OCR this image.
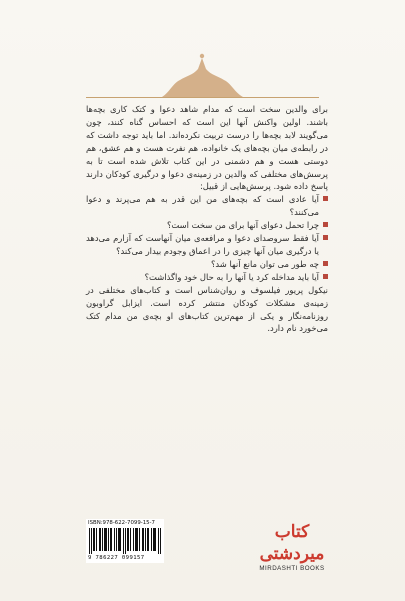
برای والدین سخت است که مدام شاهد دعوا و کتک کاری بچه‌ها باشند. اولین واکنش آنها این است که احساس گناه کنند، چون می‌گویند لابد بچه‌ها را درست تربیت نکرده‌اند. اما باید توجه داشت که در رابطه‌ی میان بچه‌های یک خانواده، هم نفرت هست و هم عشق، هم دوستی هست و هم دشمنی در این کتاب تلاش شده است تا به پرسش‌های مختلفی که والدین در زمینه‌ی دعوا و درگیری کودکان دارند پاسخ داده شود. پرسش‌هایی از قبیل:

آیا عادی است که بچه‌های من این قدر به هم می‌پرند و دعوا می‌کنند؟
چرا تحمل دعوای آنها برای من سخت است؟
آیا فقط سروصدای دعوا و مرافعه‌ی میان آنهاست که آزارم می‌دهد یا درگیری میان آنها چیزی را در اعماق وجودم بیدار می‌کند؟
چه طور می توان مانع آنها شد؟
آیا باید مداخله کرد یا آنها را به حال خود واگذاشت؟

نیکول پریور فیلسوف و روان‌شناس است و کتاب‌های مختلفی در زمینه‌ی مشکلات کودکان منتشر کرده است. ایزابل گراوبون روزنامه‌نگار و یکی از مهم‌ترین کتاب‌های او بچه‌ی من مدام کتک می‌خورد نام دارد.

ISBN:978-622-7099-15-7
9 786227 099157
کتاب میردشتی
MIRDASHTI BOOKS
